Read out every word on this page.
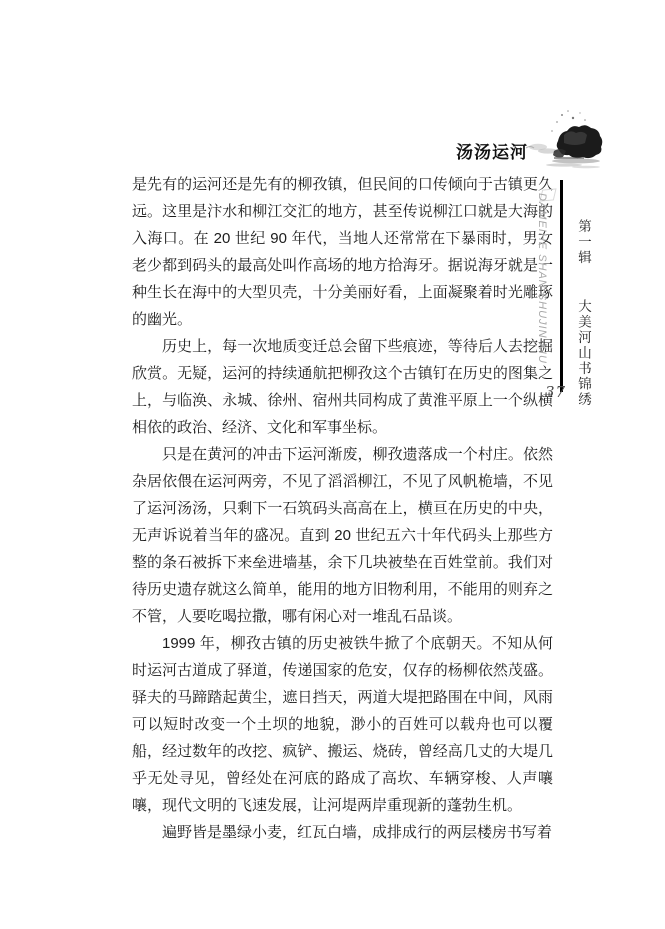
汤汤运河

是先有的运河还是先有的柳孜镇，但民间的口传倾向于古镇更久远。这里是汴水和柳江交汇的地方，甚至传说柳江口就是大海的入海口。在 20 世纪 90 年代，当地人还常常在下暴雨时，男女老少都到码头的最高处叫作高场的地方拾海牙。据说海牙就是一种生长在海中的大型贝壳，十分美丽好看，上面凝聚着时光雕琢的幽光。

历史上，每一次地质变迁总会留下些痕迹，等待后人去挖掘欣赏。无疑，运河的持续通航把柳孜这个古镇钉在历史的图集之上，与临涣、永城、徐州、宿州共同构成了黄淮平原上一个纵横相依的政治、经济、文化和军事坐标。

只是在黄河的冲击下运河渐废，柳孜遗落成一个村庄。依然杂居依偎在运河两旁，不见了滔滔柳江，不见了风帆桅墙，不见了运河汤汤，只剩下一石筑码头高高在上，横亘在历史的中央，无声诉说着当年的盛况。直到 20 世纪五六十年代码头上那些方整的条石被拆下来垒进墙基，余下几块被垫在百姓堂前。我们对待历史遗存就这么简单，能用的地方旧物利用，不能用的则弃之不管，人要吃喝拉撒，哪有闲心对一堆乱石品谈。

1999 年，柳孜古镇的历史被铁牛掀了个底朝天。不知从何时运河古道成了驿道，传递国家的危安，仅存的杨柳依然茂盛。驿夫的马蹄踏起黄尘，遮日挡天，两道大堤把路围在中间，风雨可以短时改变一个土坝的地貌，渺小的百姓可以载舟也可以覆船，经过数年的改挖、疯铲、搬运、烧砖，曾经高几丈的大堤几乎无处寻见，曾经处在河底的路成了高坎、车辆穿梭、人声嚷嚷，现代文明的飞速发展，让河堤两岸重现新的蓬勃生机。

遍野皆是墨绿小麦，红瓦白墙，成排成行的两层楼房书写着

DAMEIHE SHAN SHUJIN XIU 第一辑 大美河山书锦绣
37
